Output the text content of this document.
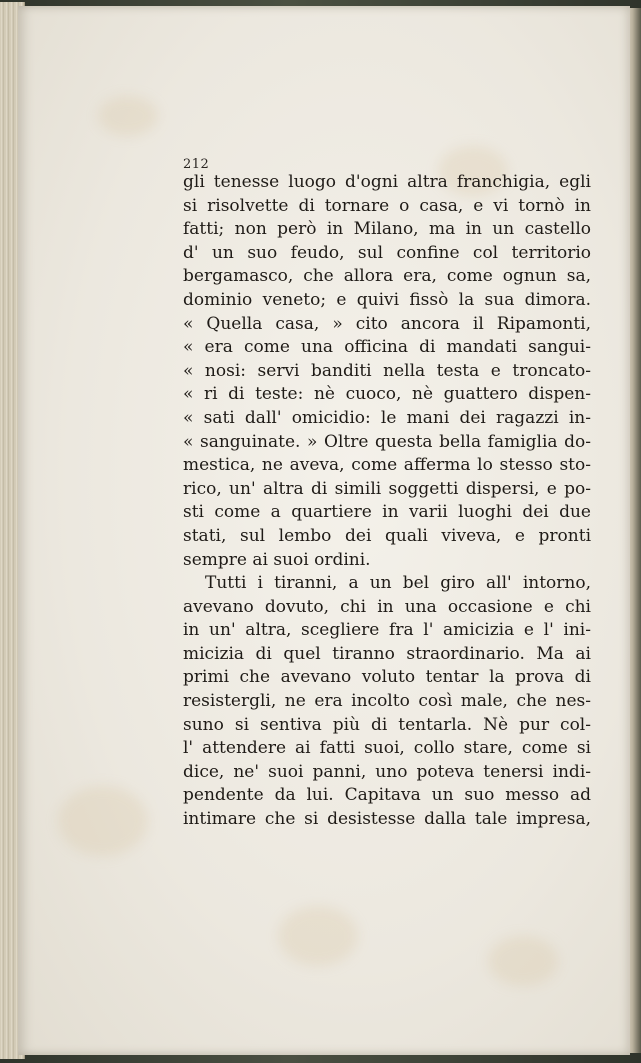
212
gli tenesse luogo d'ogni altra franchigia, egli
si risolvette di tornare o casa, e vi tornò in
fatti; non però in Milano, ma in un castello
d' un suo feudo, sul confine col territorio
bergamasco, che allora era, come ognun sa,
dominio veneto; e quivi fissò la sua dimora.
« Quella casa, » cito ancora il Ripamonti,
« era come una officina di mandati sangui-
« nosi: servi banditi nella testa e troncato-
« ri di teste: nè cuoco, nè guattero dispen-
« sati dall' omicidio: le mani dei ragazzi in-
« sanguinate. » Oltre questa bella famiglia do-
mestica, ne aveva, come afferma lo stesso sto-
rico, un' altra di simili soggetti dispersi, e po-
sti come a quartiere in varii luoghi dei due
stati, sul lembo dei quali viveva, e pronti
sempre ai suoi ordini.
Tutti i tiranni, a un bel giro all' intorno,
avevano dovuto, chi in una occasione e chi
in un' altra, scegliere fra l' amicizia e l' ini-
micizia di quel tiranno straordinario. Ma ai
primi che avevano voluto tentar la prova di
resistergli, ne era incolto così male, che nes-
suno si sentiva più di tentarla. Nè pur col-
l' attendere ai fatti suoi, collo stare, come si
dice, ne' suoi panni, uno poteva tenersi indi-
pendente da lui. Capitava un suo messo ad
intimare che si desistesse dalla tale impresa,
